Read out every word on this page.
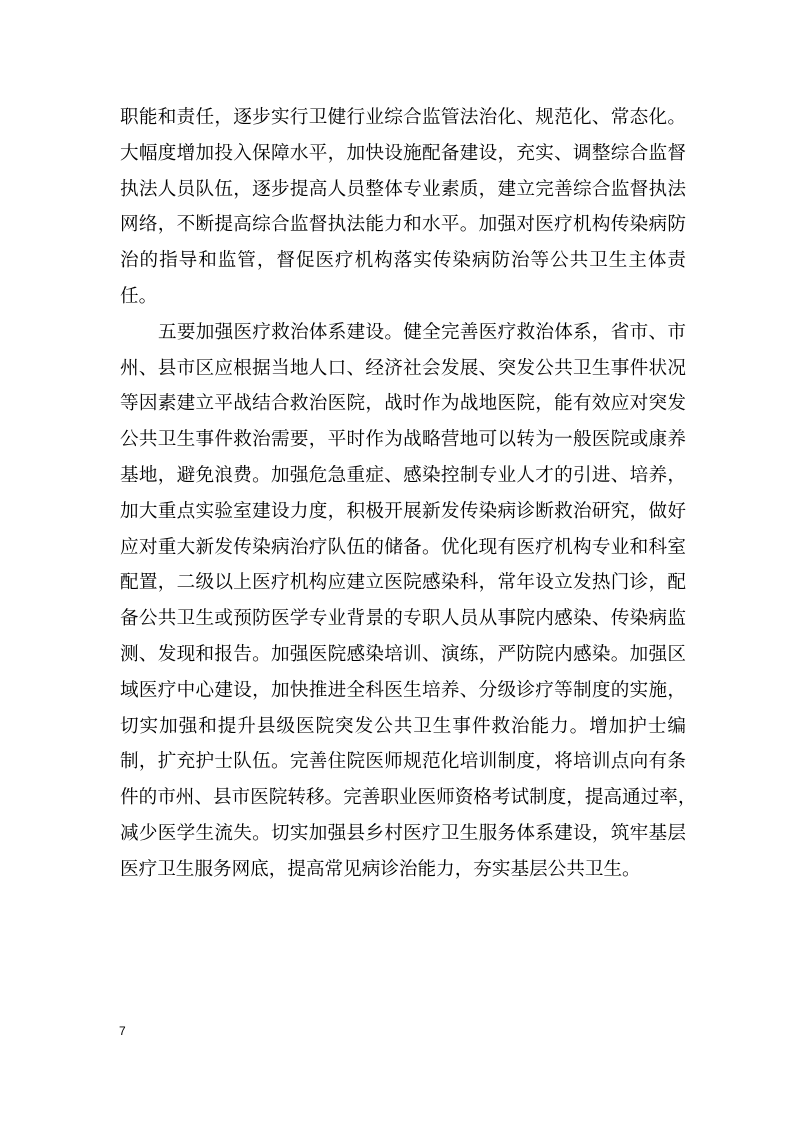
职能和责任，逐步实行卫健行业综合监管法治化、规范化、常态化。
大幅度增加投入保障水平，加快设施配备建设，充实、调整综合监督
执法人员队伍，逐步提高人员整体专业素质，建立完善综合监督执法
网络，不断提高综合监督执法能力和水平。加强对医疗机构传染病防
治的指导和监管，督促医疗机构落实传染病防治等公共卫生主体责
任。
五要加强医疗救治体系建设。健全完善医疗救治体系，省市、市
州、县市区应根据当地人口、经济社会发展、突发公共卫生事件状况
等因素建立平战结合救治医院，战时作为战地医院，能有效应对突发
公共卫生事件救治需要，平时作为战略营地可以转为一般医院或康养
基地，避免浪费。加强危急重症、感染控制专业人才的引进、培养，
加大重点实验室建设力度，积极开展新发传染病诊断救治研究，做好
应对重大新发传染病治疗队伍的储备。优化现有医疗机构专业和科室
配置，二级以上医疗机构应建立医院感染科，常年设立发热门诊，配
备公共卫生或预防医学专业背景的专职人员从事院内感染、传染病监
测、发现和报告。加强医院感染培训、演练，严防院内感染。加强区
域医疗中心建设，加快推进全科医生培养、分级诊疗等制度的实施，
切实加强和提升县级医院突发公共卫生事件救治能力。增加护士编
制，扩充护士队伍。完善住院医师规范化培训制度，将培训点向有条
件的市州、县市医院转移。完善职业医师资格考试制度，提高通过率，
减少医学生流失。切实加强县乡村医疗卫生服务体系建设，筑牢基层
医疗卫生服务网底，提高常见病诊治能力，夯实基层公共卫生。
7
